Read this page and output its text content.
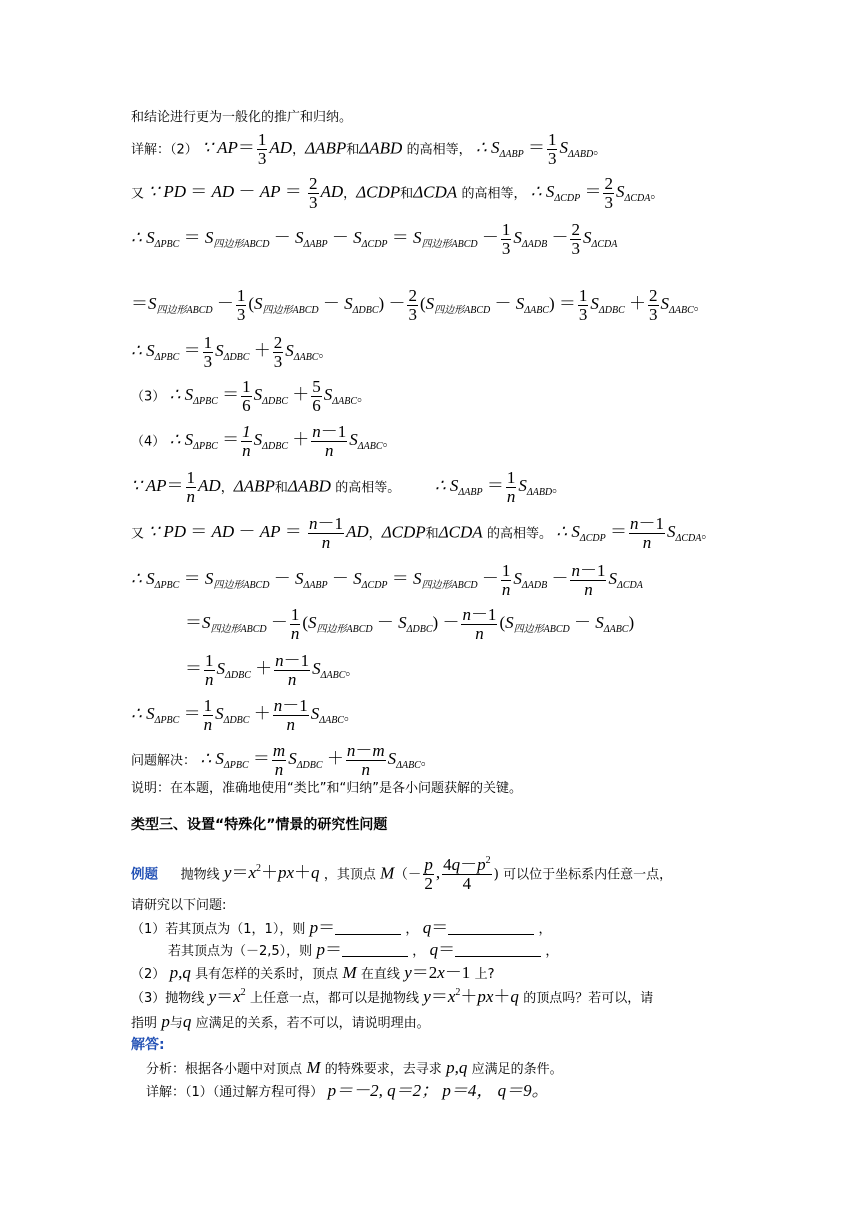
和结论进行更为一般化的推广和归纳。
详解：（2） ∵ $AP= \frac{1}{3}$ AD，ΔABP和ΔABD 的高相等， ∴ $S_{\Delta ABP} = \frac{1}{3} S_{\Delta ABD}$。
又 ∵ PD ＝ AD － AP ＝ $\frac{2}{3}$ AD，ΔCDP和ΔCDA 的高相等， ∴ $S_{\Delta CDP} = \frac{2}{3} S_{\Delta CDA}$。
∴ $S_{\Delta PBC} = S_{四边形ABCD} - S_{\Delta ABP} - S_{\Delta CDP} = S_{四边形ABCD} - \frac{1}{3} S_{\Delta ADB} - \frac{2}{3} S_{\Delta CDA}$
$=S_{四边形ABCD} - \frac{1}{3} (S_{四边形ABCD} - S_{\Delta DBC}) - \frac{2}{3} (S_{四边形ABCD} - S_{\Delta ABC}) = \frac{1}{3} S_{\Delta DBC} + \frac{2}{3} S_{\Delta ABC}$。
∴ $S_{\Delta PBC} = \frac{1}{3} S_{\Delta DBC} + \frac{2}{3} S_{\Delta ABC}$。
（3） ∴ $S_{\Delta PBC} = \frac{1}{6} S_{\Delta DBC} + \frac{5}{6} S_{\Delta ABC}$。
（4） ∴ $S_{\Delta PBC} = \frac{1}{n} S_{\Delta DBC} + \frac{n-1}{n} S_{\Delta ABC}$。
∵ $AP= \frac{1}{n}$ AD，ΔABP和ΔABD 的高相等。 ∴ $S_{\Delta ABP} = \frac{1}{n} S_{\Delta ABD}$。
又 ∵ PD ＝ AD － AP ＝ $\frac{n-1}{n}$ AD，ΔCDP和ΔCDA 的高相等。 ∴ $S_{\Delta CDP} = \frac{n-1}{n} S_{\Delta CDA}$。
∴ $S_{\Delta PBC} = S_{四边形ABCD} - S_{\Delta ABP} - S_{\Delta CDP} = S_{四边形ABCD} - \frac{1}{n} S_{\Delta ADB} - \frac{n-1}{n} S_{\Delta CDA}$
$=S_{四边形ABCD} - \frac{1}{n} (S_{四边形ABCD} - S_{\Delta DBC}) - \frac{n-1}{n} (S_{四边形ABCD} - S_{\Delta ABC})$
＝ $\frac{1}{n} S_{\Delta DBC} + \frac{n-1}{n} S_{\Delta ABC}$。
∴ $S_{\Delta PBC} = \frac{1}{n} S_{\Delta DBC} + \frac{n-1}{n} S_{\Delta ABC}$。
问题解决： ∴ $S_{\Delta PBC} = \frac{m}{n} S_{\Delta DBC} + \frac{n-m}{n} S_{\Delta ABC}$。
说明：在本题，准确地使用“类比”和“归纳”是各小问题获解的关键。
类型三、设置“特殊化”情景的研究性问题
例题 抛物线 $y=x^2+px+q$ ，其顶点 $M(- \frac{p}{2}$ , $\frac{4q-p^2}{4}$ ) 可以位于坐标系内任意一点，
请研究以下问题:
（1）若其顶点为（1，1），则 p＝	， q＝	，
若其顶点为（－2,5），则 p＝	， q＝	，
（2） p,q 具有怎样的关系时，顶点 M 在直线 y＝2x－1 上?
（3）抛物线 $y=x^2$ 上任意一点，都可以是抛物线 $y=x^2+px+q$ 的顶点吗？若可以，请
指明 p与q 应满足的关系，若不可以，请说明理由。
解答:
分析：根据各小题中对顶点 M 的特殊要求，去寻求 p,q 应满足的条件。
详解：（1）（通过解方程可得） p＝－2, q＝2； p＝4， q＝9。
